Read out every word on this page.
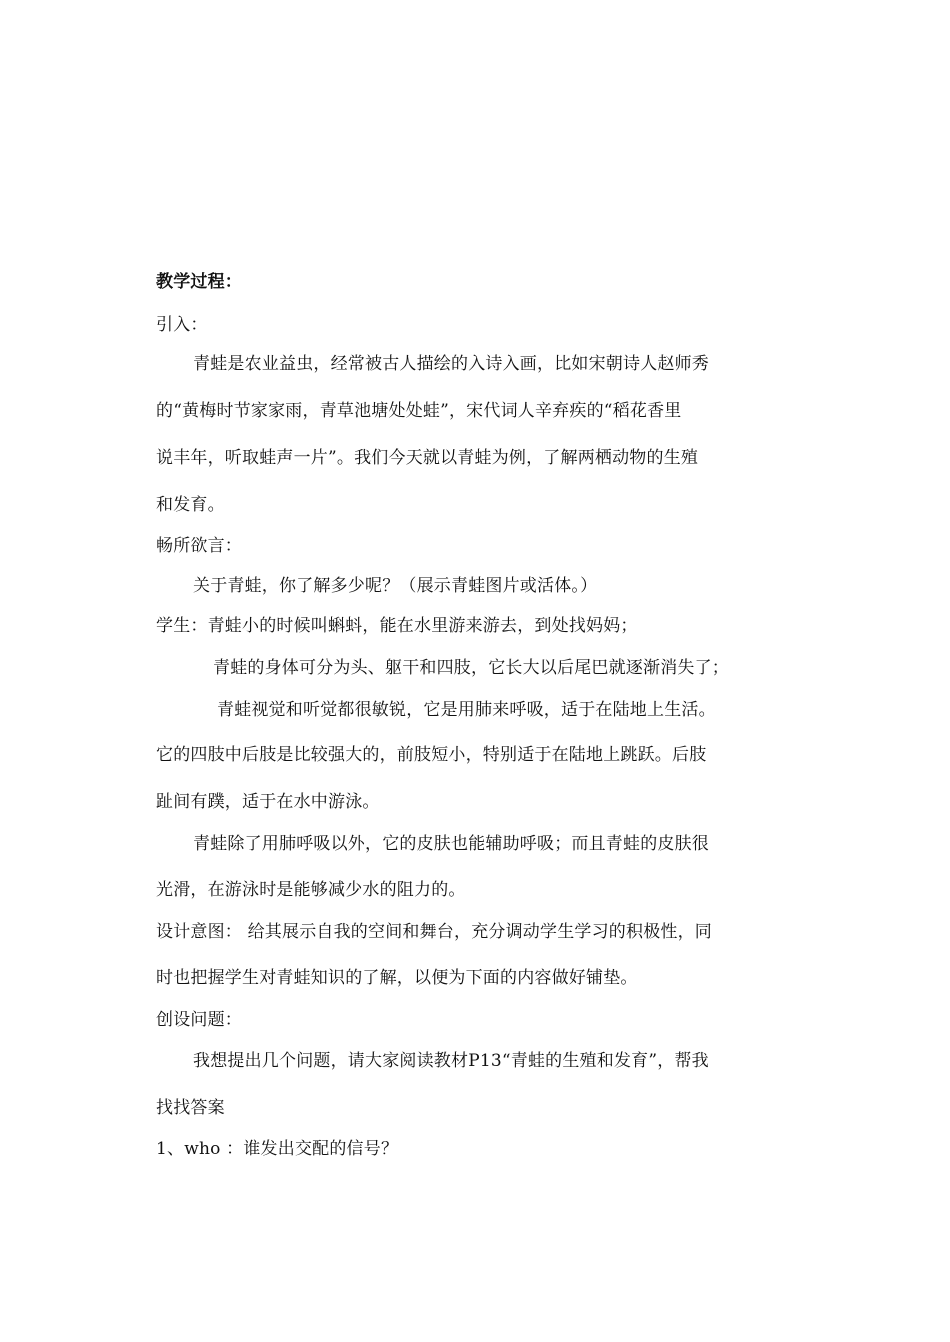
教学过程：
引入：
青蛙是农业益虫，经常被古人描绘的入诗入画，比如宋朝诗人赵师秀
的“黄梅时节家家雨，青草池塘处处蛙”，宋代词人辛弃疾的“稻花香里
说丰年，听取蛙声一片”。我们今天就以青蛙为例，了解两栖动物的生殖
和发育。
畅所欲言：
关于青蛙，你了解多少呢？（展示青蛙图片或活体。）
学生：青蛙小的时候叫蝌蚪，能在水里游来游去，到处找妈妈；
青蛙的身体可分为头、躯干和四肢，它长大以后尾巴就逐渐消失了；
青蛙视觉和听觉都很敏锐，它是用肺来呼吸，适于在陆地上生活。
它的四肢中后肢是比较强大的，前肢短小，特别适于在陆地上跳跃。后肢
趾间有蹼，适于在水中游泳。
青蛙除了用肺呼吸以外，它的皮肤也能辅助呼吸；而且青蛙的皮肤很
光滑，在游泳时是能够减少水的阻力的。
设计意图： 给其展示自我的空间和舞台，充分调动学生学习的积极性，同
时也把握学生对青蛙知识的了解，以便为下面的内容做好铺垫。
创设问题：
我想提出几个问题，请大家阅读教材P13“青蛙的生殖和发育”，帮我
找找答案
1、who ：谁发出交配的信号？
